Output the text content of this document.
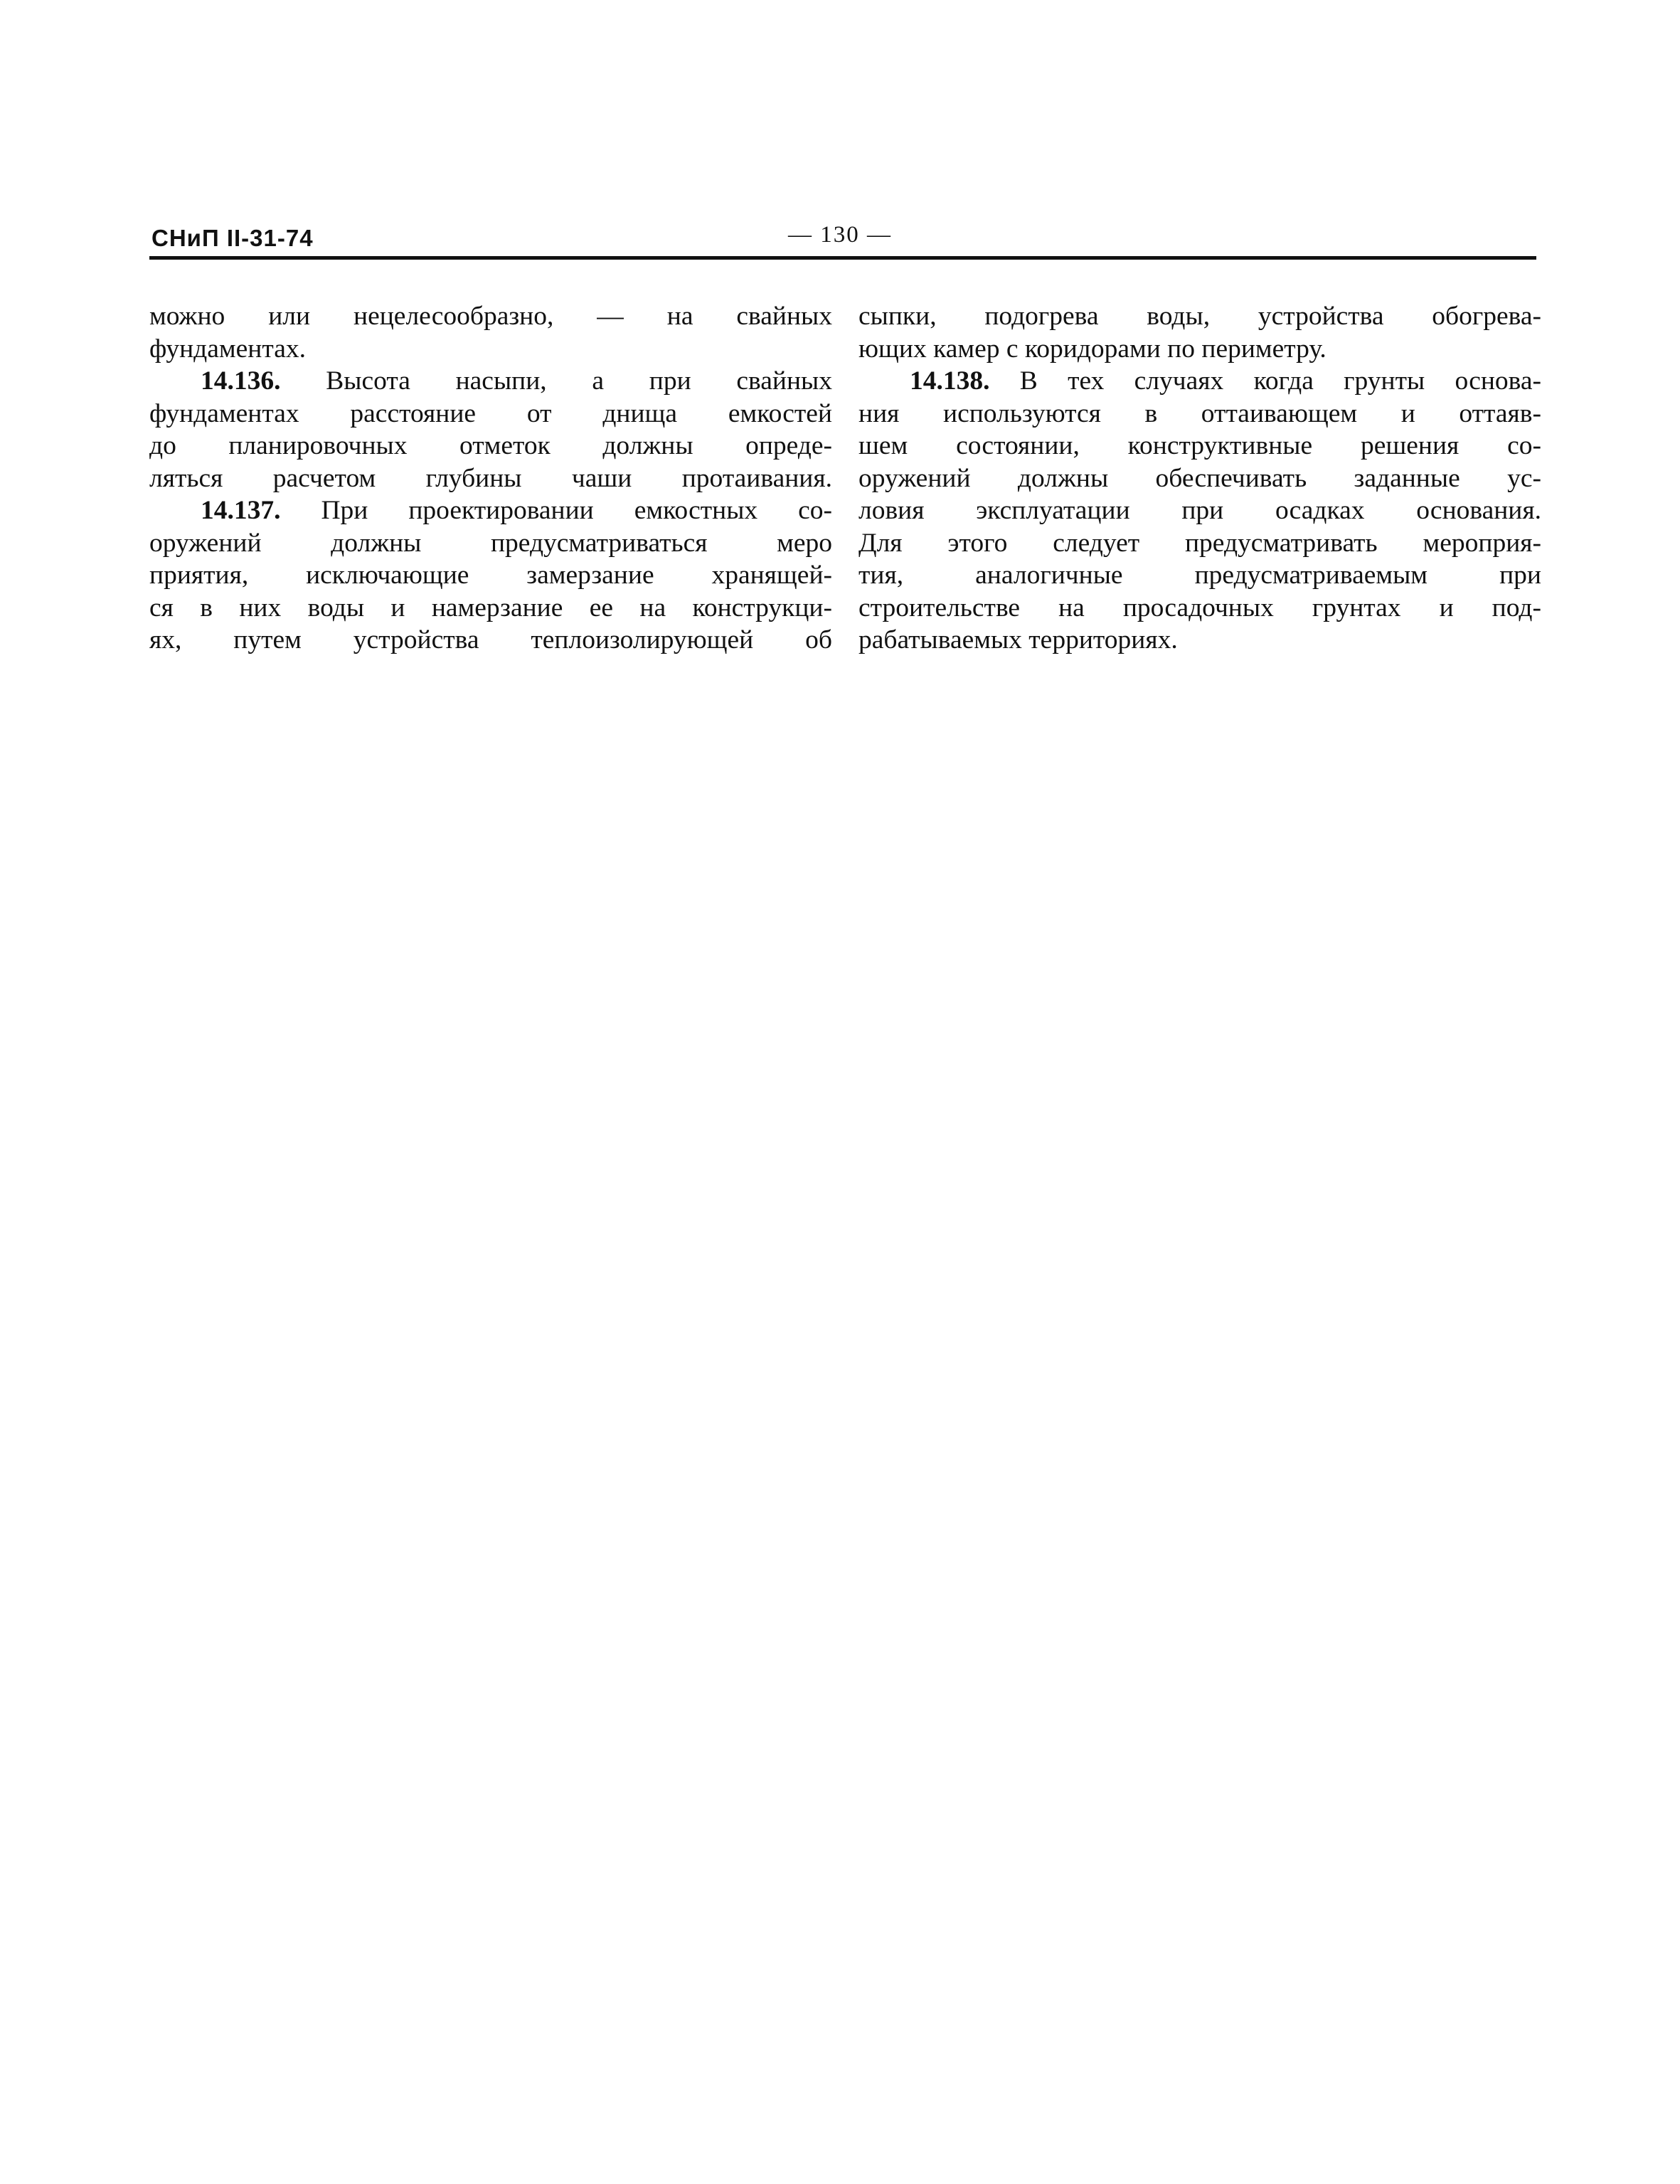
СНиП II-31-74	— 130 —
можно или нецелесообразно, — на свайных
фундаментах.
14.136. Высота насыпи, а при свайных
фундаментах расстояние от днища емкостей
до планировочных отметок должны опреде-
ляться расчетом глубины чаши протаивания.
14.137. При проектировании емкостных со-
оружений должны предусматриваться меро
приятия, исключающие замерзание хранящей-
ся в них воды и намерзание ее на конструкци-
ях, путем устройства теплоизолирующей об
сыпки, подогрева воды, устройства обогрева-
ющих камер с коридорами по периметру.
14.138. В тех случаях когда грунты основа-
ния используются в оттаивающем и оттаяв-
шем состоянии, конструктивные решения со-
оружений должны обеспечивать заданные ус-
ловия эксплуатации при осадках основания.
Для этого следует предусматривать мероприя-
тия, аналогичные предусматриваемым при
строительстве на просадочных грунтах и под-
рабатываемых территориях.
